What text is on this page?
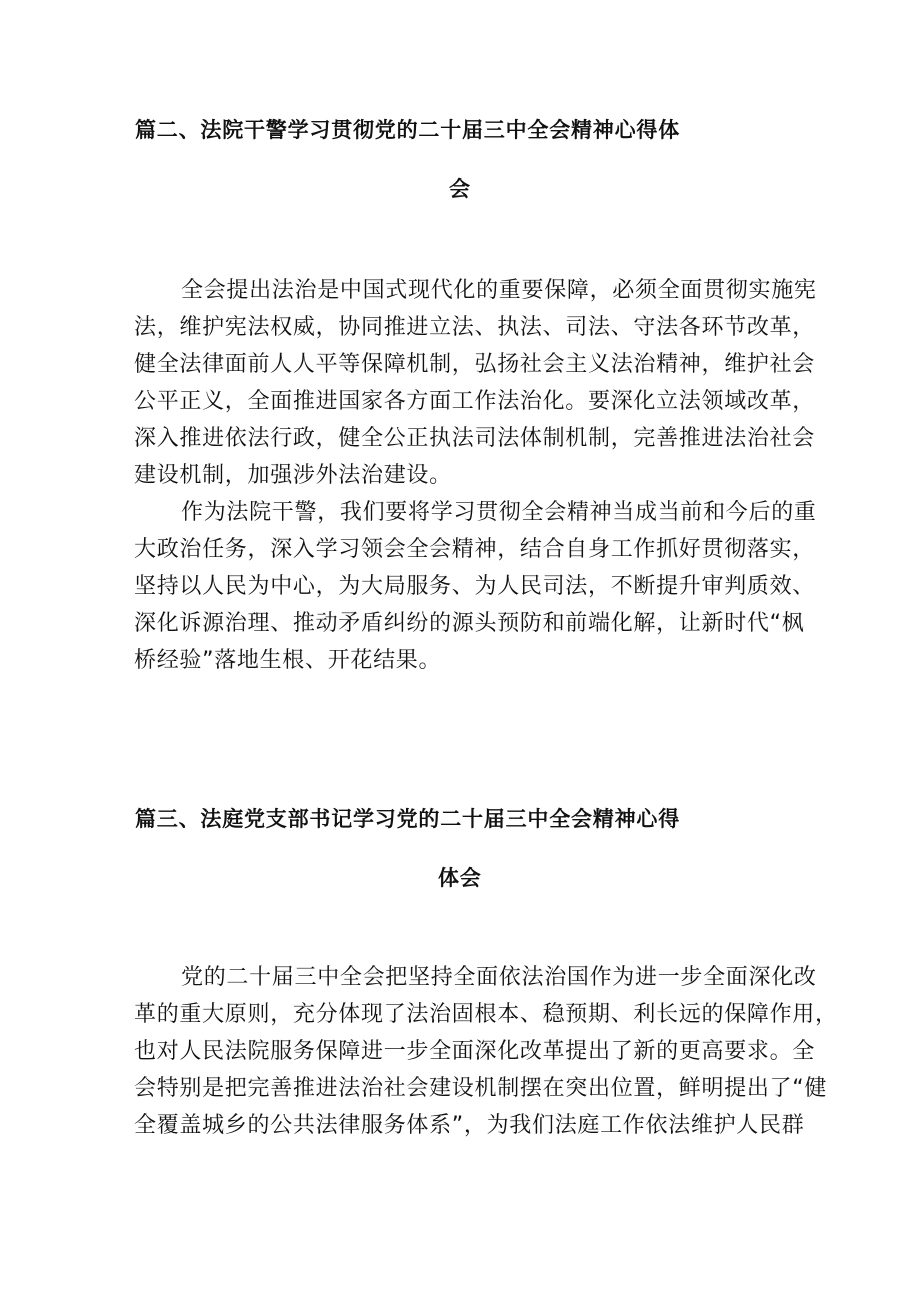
篇二、法院干警学习贯彻党的二十届三中全会精神心得体
会
全会提出法治是中国式现代化的重要保障，必须全面贯彻实施宪
法，维护宪法权威，协同推进立法、执法、司法、守法各环节改革，
健全法律面前人人平等保障机制，弘扬社会主义法治精神，维护社会
公平正义，全面推进国家各方面工作法治化。要深化立法领域改革，
深入推进依法行政，健全公正执法司法体制机制，完善推进法治社会
建设机制，加强涉外法治建设。
作为法院干警，我们要将学习贯彻全会精神当成当前和今后的重
大政治任务，深入学习领会全会精神，结合自身工作抓好贯彻落实，
坚持以人民为中心，为大局服务、为人民司法，不断提升审判质效、
深化诉源治理、推动矛盾纠纷的源头预防和前端化解，让新时代“枫
桥经验”落地生根、开花结果。
篇三、法庭党支部书记学习党的二十届三中全会精神心得
体会
党的二十届三中全会把坚持全面依法治国作为进一步全面深化改
革的重大原则，充分体现了法治固根本、稳预期、利长远的保障作用，
也对人民法院服务保障进一步全面深化改革提出了新的更高要求。全
会特别是把完善推进法治社会建设机制摆在突出位置，鲜明提出了“健
全覆盖城乡的公共法律服务体系”，为我们法庭工作依法维护人民群
